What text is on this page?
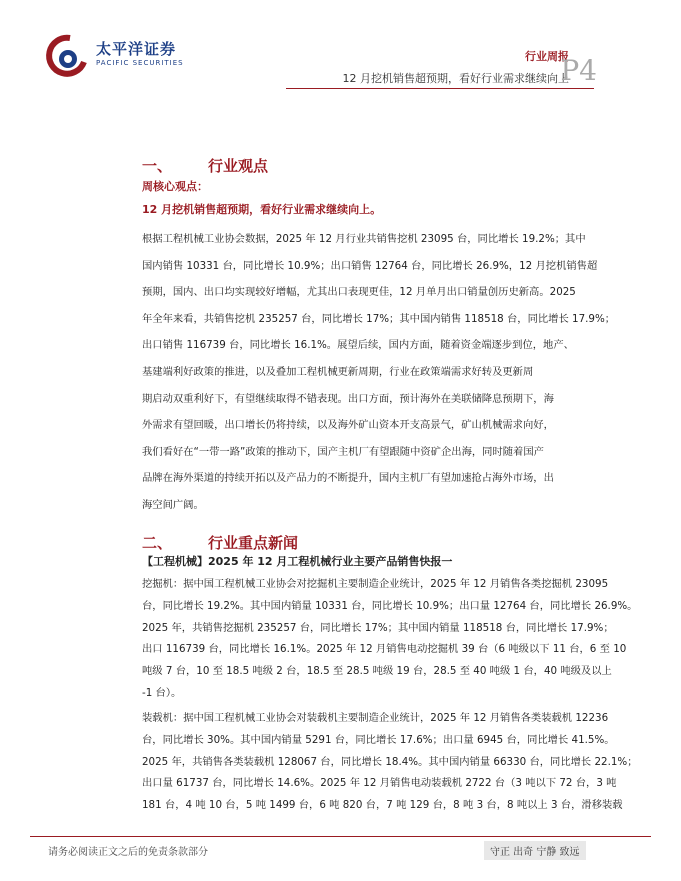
太平洋证券
PACIFIC SECURITIES	行业周报
12 月挖机销售超预期，看好行业需求继续向上
P4
一、 行业观点
周核心观点：
12 月挖机销售超预期，看好行业需求继续向上。
根据工程机械工业协会数据，2025 年 12 月行业共销售挖机 23095 台，同比增长 19.2%；其中
国内销售 10331 台，同比增长 10.9%；出口销售 12764 台，同比增长 26.9%，12 月挖机销售超
预期，国内、出口均实现较好增幅，尤其出口表现更佳，12 月单月出口销量创历史新高。2025
年全年来看，共销售挖机 235257 台，同比增长 17%；其中国内销售 118518 台，同比增长 17.9%；
出口销售 116739 台，同比增长 16.1%。展望后续，国内方面，随着资金端逐步到位，地产、
基建端利好政策的推进，以及叠加工程机械更新周期，行业在政策端需求好转及更新周
期启动双重利好下，有望继续取得不错表现。出口方面，预计海外在美联储降息预期下，海
外需求有望回暖，出口增长仍将持续，以及海外矿山资本开支高景气，矿山机械需求向好，
我们看好在“一带一路”政策的推动下，国产主机厂有望跟随中资矿企出海，同时随着国产
品牌在海外渠道的持续开拓以及产品力的不断提升，国内主机厂有望加速抢占海外市场，出
海空间广阔。
二、 行业重点新闻
【工程机械】2025 年 12 月工程机械行业主要产品销售快报一
挖掘机：据中国工程机械工业协会对挖掘机主要制造企业统计，2025 年 12 月销售各类挖掘机 23095
台，同比增长 19.2%。其中国内销量 10331 台，同比增长 10.9%；出口量 12764 台，同比增长 26.9%。
2025 年，共销售挖掘机 235257 台，同比增长 17%；其中国内销量 118518 台，同比增长 17.9%；
出口 116739 台，同比增长 16.1%。2025 年 12 月销售电动挖掘机 39 台（6 吨级以下 11 台，6 至 10
吨级 7 台，10 至 18.5 吨级 2 台，18.5 至 28.5 吨级 19 台，28.5 至 40 吨级 1 台，40 吨级及以上
-1 台）。
装载机：据中国工程机械工业协会对装载机主要制造企业统计，2025 年 12 月销售各类装载机 12236
台，同比增长 30%。其中国内销量 5291 台，同比增长 17.6%；出口量 6945 台，同比增长 41.5%。
2025 年，共销售各类装载机 128067 台，同比增长 18.4%。其中国内销量 66330 台，同比增长 22.1%；
出口量 61737 台，同比增长 14.6%。2025 年 12 月销售电动装载机 2722 台（3 吨以下 72 台，3 吨
181 台，4 吨 10 台，5 吨 1499 台，6 吨 820 台，7 吨 129 台，8 吨 3 台，8 吨以上 3 台，滑移装载
请务必阅读正文之后的免责条款部分	守正 出奇 宁静 致远
